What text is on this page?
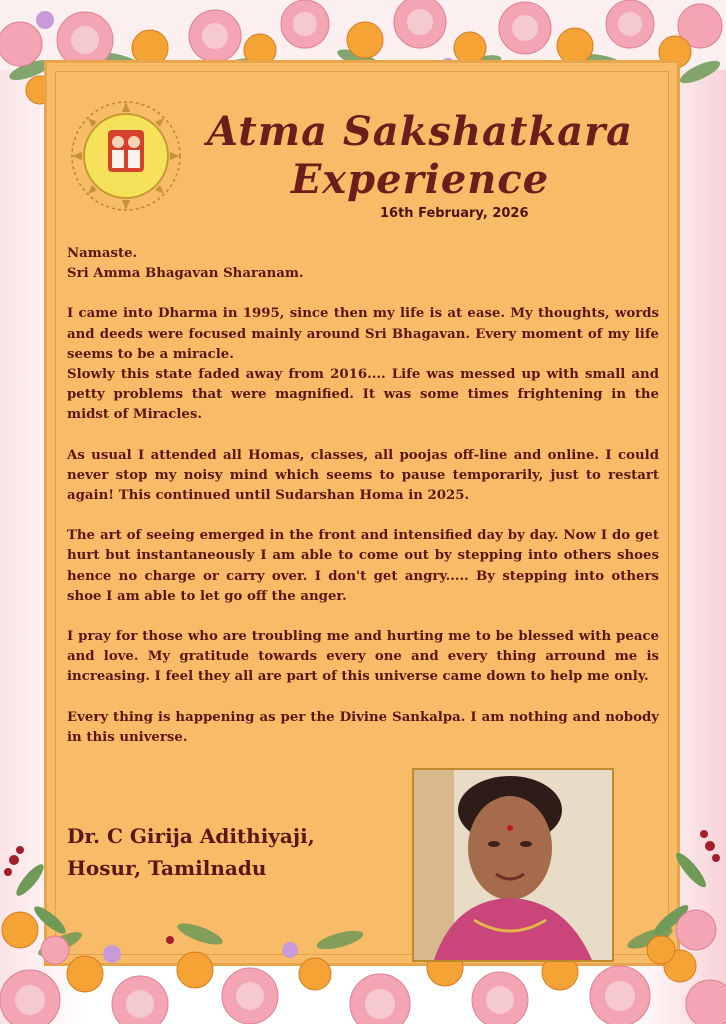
Atma Sakshatkara
Experience
16th February, 2026

Namaste.

Sri Amma Bhagavan Sharanam.

I came into Dharma in 1995, since then my life is at ease. My thoughts, words and deeds were focused mainly around Sri Bhagavan. Every moment of my life seems to be a miracle.

Slowly this state faded away from 2016.... Life was messed up with small and petty problems that were magnified. It was some times frightening in the midst of Miracles.

As usual I attended all Homas, classes, all poojas off-line and online. I could never stop my noisy mind which seems to pause temporarily, just to restart again! This continued until Sudarshan Homa in 2025.

The art of seeing emerged in the front and intensified day by day. Now I do get hurt but instantaneously I am able to come out by stepping into others shoes hence no charge or carry over. I don't get angry..... By stepping into others shoe I am able to let go off the anger.

I pray for those who are troubling me and hurting me to be blessed with peace and love. My gratitude towards every one and every thing arround me is increasing. I feel they all are part of this universe came down to help me only.

Every thing is happening as per the Divine Sankalpa. I am nothing and nobody in this universe.

Dr. C Girija Adithiyaji,
Hosur, Tamilnadu
